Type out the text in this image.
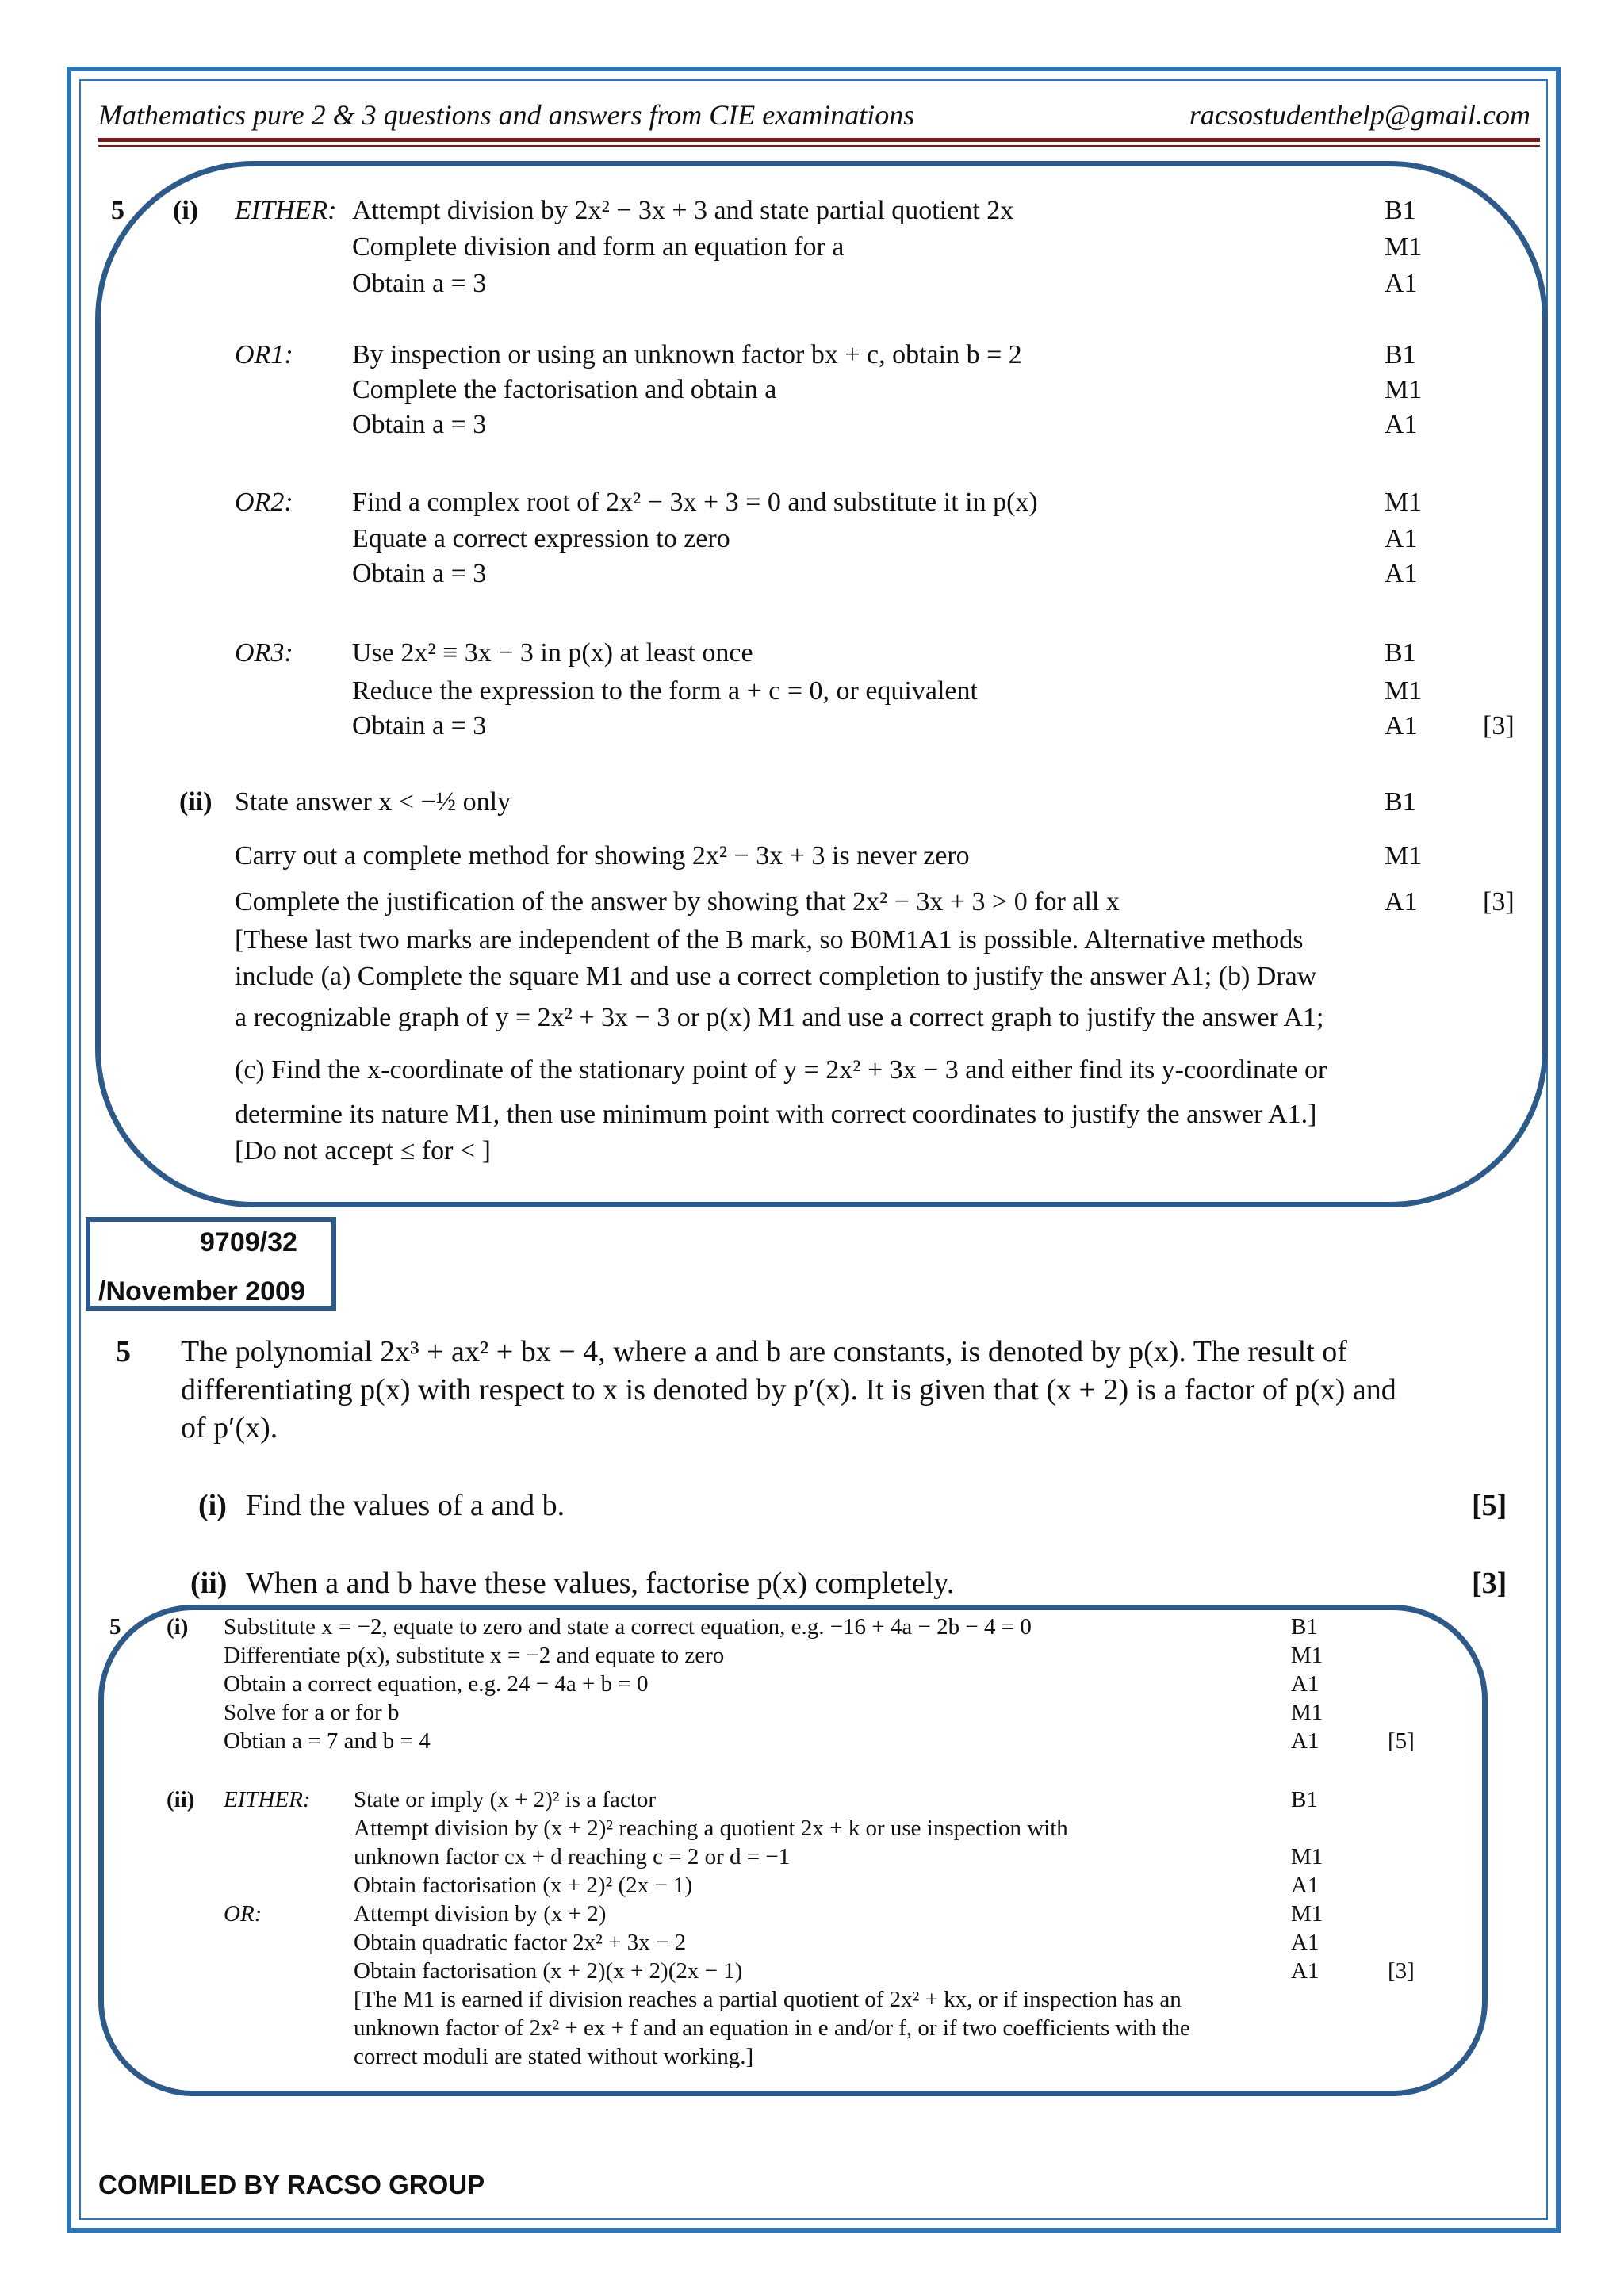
Mathematics pure 2 & 3 questions and answers from CIE examinations	racsostudenthelp@gmail.com
5 (i) EITHER: Attempt division by 2x² − 3x + 3 and state partial quotient 2x	B1
Complete division and form an equation for a	M1
Obtain a = 3	A1
OR1: By inspection or using an unknown factor bx + c, obtain b = 2	B1
Complete the factorisation and obtain a	M1
Obtain a = 3	A1
OR2: Find a complex root of 2x² − 3x + 3 = 0 and substitute it in p(x)	M1
Equate a correct expression to zero	A1
Obtain a = 3	A1
OR3: Use 2x² ≡ 3x − 3 in p(x) at least once	B1
Reduce the expression to the form a + c = 0, or equivalent	M1
Obtain a = 3	A1 [3]
(ii) State answer x < −½ only	B1
Carry out a complete method for showing 2x² − 3x + 3 is never zero	M1
Complete the justification of the answer by showing that 2x² − 3x + 3 > 0 for all x	A1 [3]
[These last two marks are independent of the B mark, so B0M1A1 is possible. Alternative methods
include (a) Complete the square M1 and use a correct completion to justify the answer A1; (b) Draw
a recognizable graph of y = 2x² + 3x − 3 or p(x) M1 and use a correct graph to justify the answer A1;
(c) Find the x-coordinate of the stationary point of y = 2x² + 3x − 3 and either find its y-coordinate or
determine its nature M1, then use minimum point with correct coordinates to justify the answer A1.]
[Do not accept ≤ for < ]
9709/32
/November 2009
5 The polynomial 2x³ + ax² + bx − 4, where a and b are constants, is denoted by p(x). The result of
differentiating p(x) with respect to x is denoted by p′(x). It is given that (x + 2) is a factor of p(x) and
of p′(x).
(i) Find the values of a and b.	[5]
(ii) When a and b have these values, factorise p(x) completely.	[3]
5 (i) Substitute x = −2, equate to zero and state a correct equation, e.g. −16 + 4a − 2b − 4 = 0	B1
Differentiate p(x), substitute x = −2 and equate to zero	M1
Obtain a correct equation, e.g. 24 − 4a + b = 0	A1
Solve for a or for b	M1
Obtian a = 7 and b = 4	A1	[5]
(ii) EITHER: State or imply (x + 2)² is a factor	B1
Attempt division by (x + 2)² reaching a quotient 2x + k or use inspection with
unknown factor cx + d reaching c = 2 or d = −1	M1
Obtain factorisation (x + 2)² (2x − 1)	A1
OR:	Attempt division by (x + 2)	M1
Obtain quadratic factor 2x² + 3x − 2	A1
Obtain factorisation (x + 2)(x + 2)(2x − 1)	A1	[3]
[The M1 is earned if division reaches a partial quotient of 2x² + kx, or if inspection has an
unknown factor of 2x² + ex + f and an equation in e and/or f, or if two coefficients with the
correct moduli are stated without working.]
COMPILED BY RACSO GROUP
